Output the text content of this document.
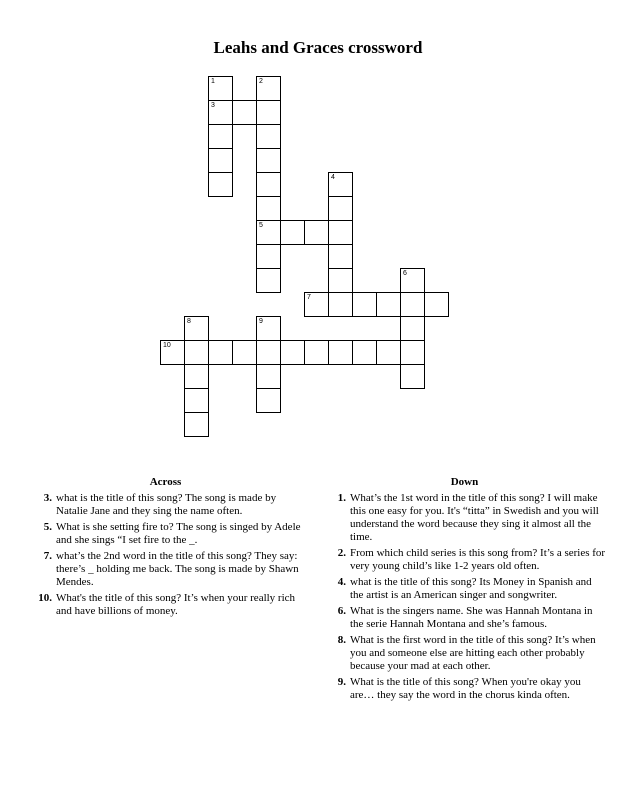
Leahs and Graces crossword
1	2
3
4
5
6
7
8	9
10
Across
3. what is the title of this song? The song is made by Natalie Jane and they sing the name often.
5. What is she setting fire to? The song is singed by Adele and she sings “I set fire to the _.
7. what’s the 2nd word in the title of this song? They say: there’s _ holding me back. The song is made by Shawn Mendes.
10. What's the title of this song? It’s when your really rich and have billions of money.
Down
1. What’s the 1st word in the title of this song? I will make this one easy for you. It's “titta” in Swedish and you will understand the word because they sing it almost all the time.
2. From which child series is this song from? It’s a series for very young child’s like 1-2 years old often.
4. what is the title of this song? Its Money in Spanish and the artist is an American singer and songwriter.
6. What is the singers name. She was Hannah Montana in the serie Hannah Montana and she’s famous.
8. What is the first word in the title of this song? It’s when you and someone else are hitting each other probably because your mad at each other.
9. What is the title of this song? When you're okay you are… they say the word in the chorus kinda often.
